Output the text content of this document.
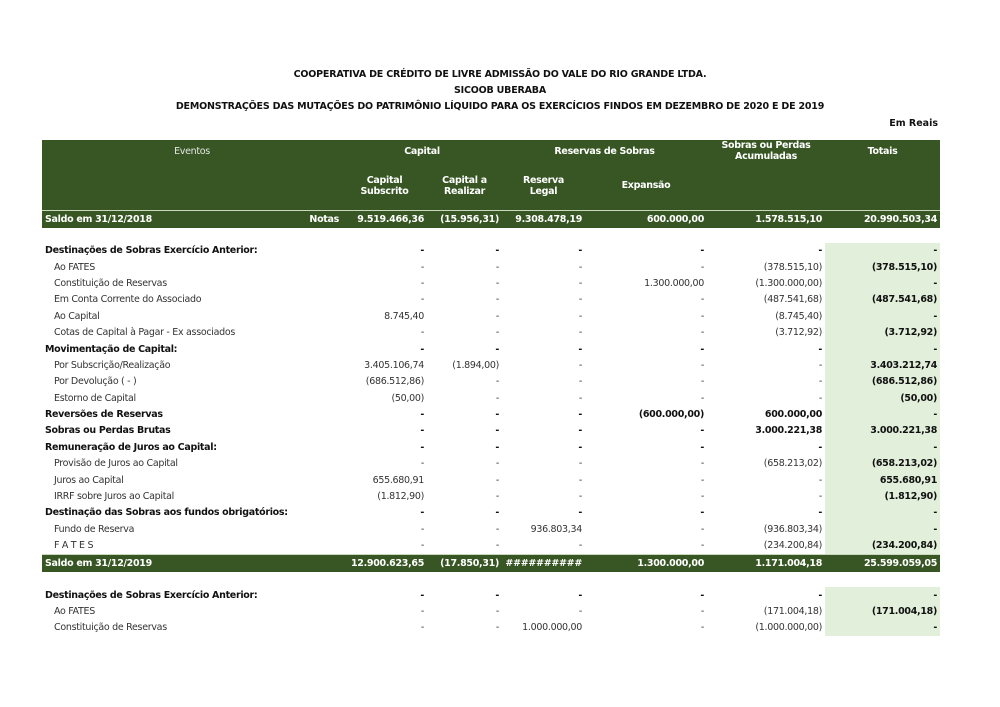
COOPERATIVA DE CRÉDITO DE LIVRE ADMISSÃO DO VALE DO RIO GRANDE LTDA.
SICOOB UBERABA
DEMONSTRAÇÕES DAS MUTAÇÕES DO PATRIMÔNIO LÍQUIDO PARA OS EXERCÍCIOS FINDOS EM DEZEMBRO DE 2020 E DE 2019
Em Reais
Eventos		Capital		Reservas de Sobras		Sobras ou Perdas Acumuladas	Totais
		Capital Subscrito	Capital a Realizar	Reserva Legal	Expansão		
Saldo em 31/12/2018	Notas	9.519.466,36	(15.956,31)	9.308.478,19	600.000,00	1.578.515,10	20.990.503,34

Destinações de Sobras Exercício Anterior:		-	-	-	-	-	-
Ao FATES		-	-	-	-	(378.515,10)	(378.515,10)
Constituição de Reservas		-	-	-	1.300.000,00	(1.300.000,00)	-
Em Conta Corrente do Associado		-	-	-	-	(487.541,68)	(487.541,68)
Ao Capital		8.745,40	-	-	-	(8.745,40)	-
Cotas de Capital à Pagar - Ex associados		-	-	-	-	(3.712,92)	(3.712,92)
Movimentação de Capital:		-	-	-	-	-	-
Por Subscrição/Realização		3.405.106,74	(1.894,00)	-	-	-	3.403.212,74
Por Devolução ( - )		(686.512,86)	-	-	-	-	(686.512,86)
Estorno de Capital		(50,00)	-	-	-	-	(50,00)
Reversões de Reservas		-	-	-	(600.000,00)	600.000,00	-
Sobras ou Perdas Brutas		-	-	-	-	3.000.221,38	3.000.221,38
Remuneração de Juros ao Capital:		-	-	-	-	-	-
Provisão de Juros ao Capital		-	-	-	-	(658.213,02)	(658.213,02)
Juros ao Capital		655.680,91	-	-	-	-	655.680,91
IRRF sobre Juros ao Capital		(1.812,90)	-	-	-	-	(1.812,90)
Destinação das Sobras aos fundos obrigatórios:		-	-	-	-	-	-
Fundo de Reserva		-	-	936.803,34	-	(936.803,34)	-
F A T E S		-	-	-	-	(234.200,84)	(234.200,84)
Saldo em 31/12/2019		12.900.623,65	(17.850,31)	##########	1.300.000,00	1.171.004,18	25.599.059,05

Destinações de Sobras Exercício Anterior:		-	-	-	-	-	-
Ao FATES		-	-	-	-	(171.004,18)	(171.004,18)
Constituição de Reservas		-	-	1.000.000,00	-	(1.000.000,00)	-
